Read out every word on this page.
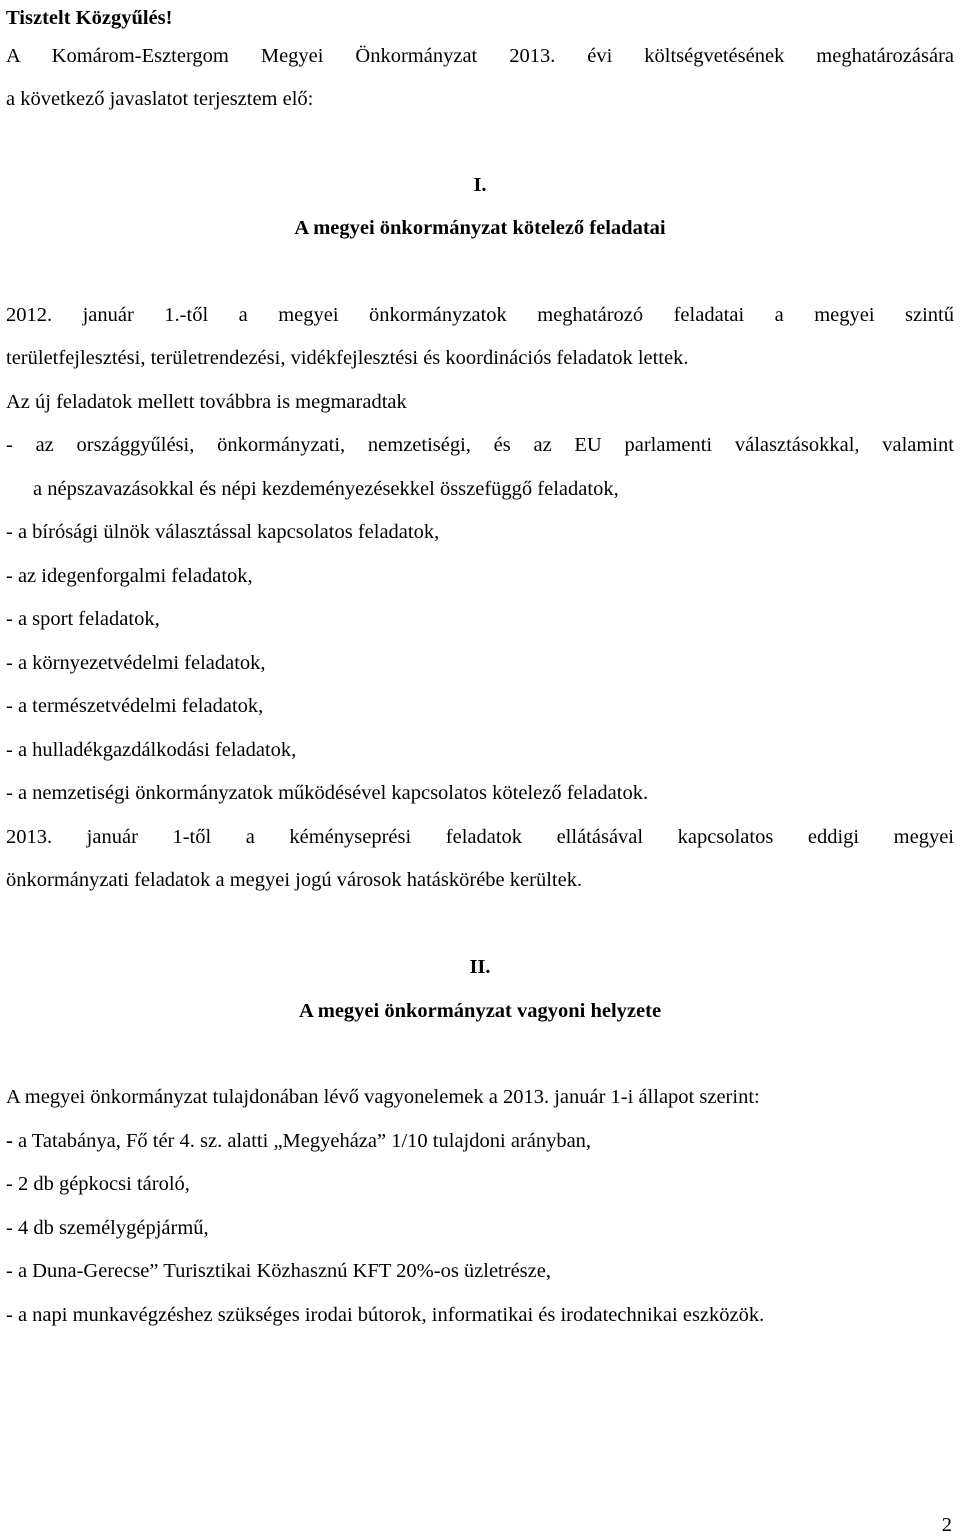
Tisztelt Közgyűlés!
A Komárom-Esztergom Megyei Önkormányzat 2013. évi költségvetésének meghatározására
a következő javaslatot terjesztem elő:
I.
A megyei önkormányzat kötelező feladatai
2012. január 1.-től a megyei önkormányzatok meghatározó feladatai a megyei szintű
területfejlesztési, területrendezési, vidékfejlesztési és koordinációs feladatok lettek.
Az új feladatok mellett továbbra is megmaradtak
- az országgyűlési, önkormányzati, nemzetiségi, és az EU parlamenti választásokkal, valamint
a népszavazásokkal és népi kezdeményezésekkel összefüggő feladatok,
- a bírósági ülnök választással kapcsolatos feladatok,
- az idegenforgalmi feladatok,
- a sport feladatok,
- a környezetvédelmi feladatok,
- a természetvédelmi feladatok,
- a hulladékgazdálkodási feladatok,
- a nemzetiségi önkormányzatok működésével kapcsolatos kötelező feladatok.
2013. január 1-től a kéményseprési feladatok ellátásával kapcsolatos eddigi megyei
önkormányzati feladatok a megyei jogú városok hatáskörébe kerültek.
II.
A megyei önkormányzat vagyoni helyzete
A megyei önkormányzat tulajdonában lévő vagyonelemek a 2013. január 1-i állapot szerint:
- a Tatabánya, Fő tér 4. sz. alatti „Megyeháza” 1/10 tulajdoni arányban,
- 2 db gépkocsi tároló,
- 4 db személygépjármű,
- a Duna-Gerecse” Turisztikai Közhasznú KFT 20%-os üzletrésze,
- a napi munkavégzéshez szükséges irodai bútorok, informatikai és irodatechnikai eszközök.
2
